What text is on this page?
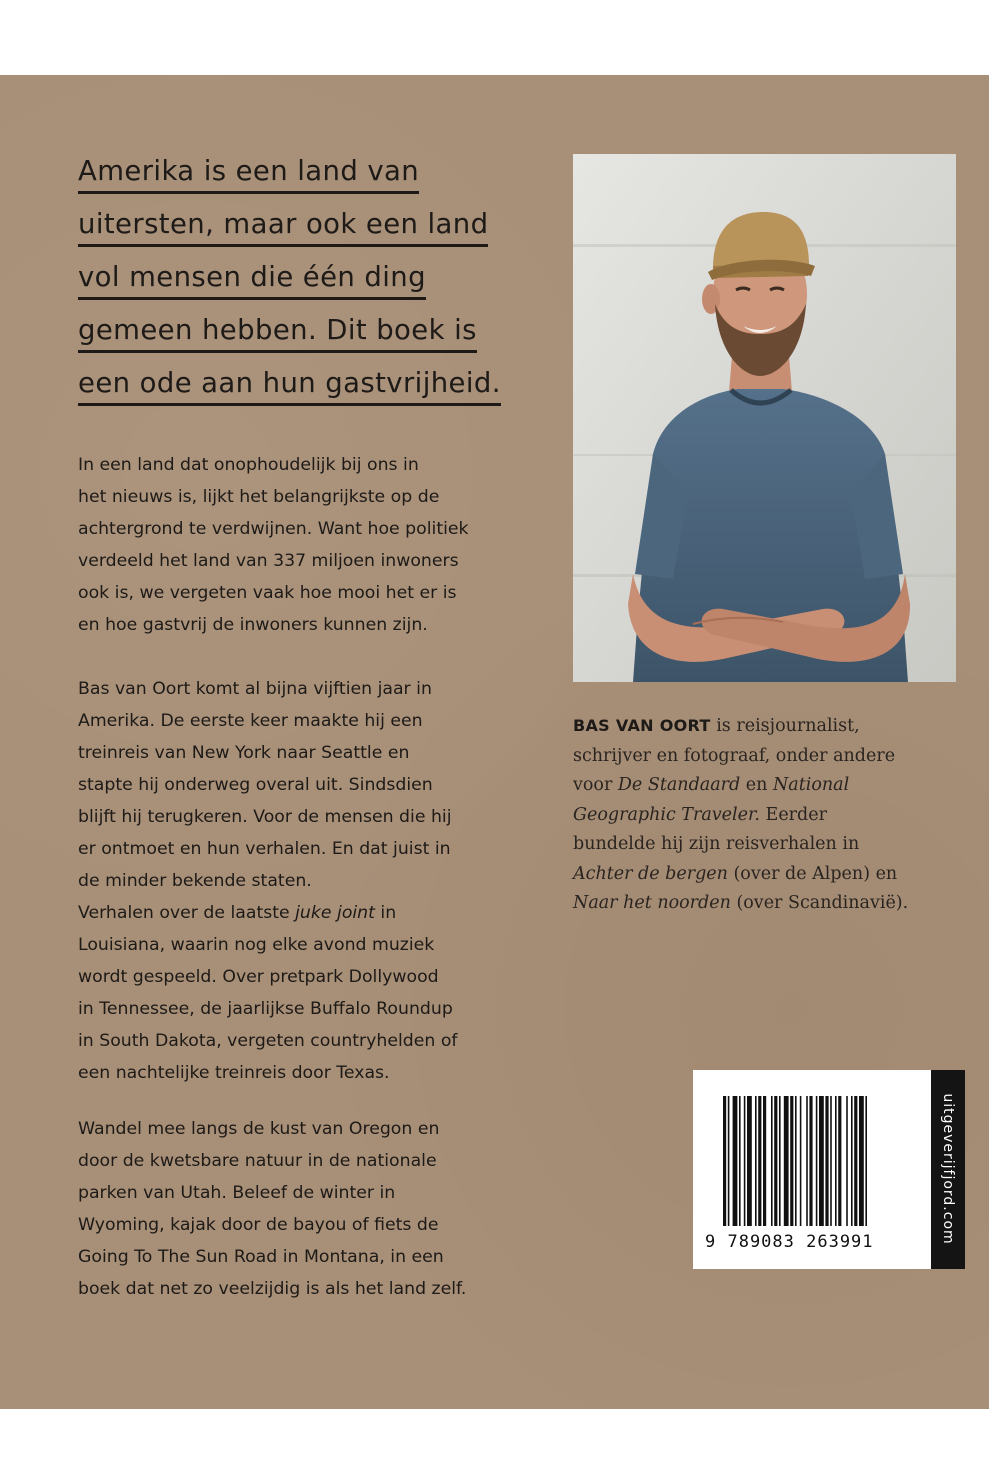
Amerika is een land van
uitersten, maar ook een land
vol mensen die één ding
gemeen hebben. Dit boek is
een ode aan hun gastvrijheid.

In een land dat onophoudelijk bij ons in

het nieuws is, lijkt het belangrijkste op de

achtergrond te verdwijnen. Want hoe politiek

verdeeld het land van 337 miljoen inwoners

ook is, we vergeten vaak hoe mooi het er is

en hoe gastvrij de inwoners kunnen zijn.

Bas van Oort komt al bijna vijftien jaar in

Amerika. De eerste keer maakte hij een

treinreis van New York naar Seattle en

stapte hij onderweg overal uit. Sindsdien

blijft hij terugkeren. Voor de mensen die hij

er ontmoet en hun verhalen. En dat juist in

de minder bekende staten.

Verhalen over de laatste juke joint in

Louisiana, waarin nog elke avond muziek

wordt gespeeld. Over pretpark Dollywood

in Tennessee, de jaarlijkse Buffalo Roundup

in South Dakota, vergeten countryhelden of

een nachtelijke treinreis door Texas.

Wandel mee langs de kust van Oregon en

door de kwetsbare natuur in de nationale

parken van Utah. Beleef de winter in

Wyoming, kajak door de bayou of fiets de

Going To The Sun Road in Montana, in een

boek dat net zo veelzijdig is als het land zelf.

BAS VAN OORT is reisjournalist,
schrijver en fotograaf, onder andere
voor De Standaard en National
Geographic Traveler. Eerder
bundelde hij zijn reisverhalen in
Achter de bergen (over de Alpen) en
Naar het noorden (over Scandinavië).
9 789083 263991	uitgeverijfjord.com
